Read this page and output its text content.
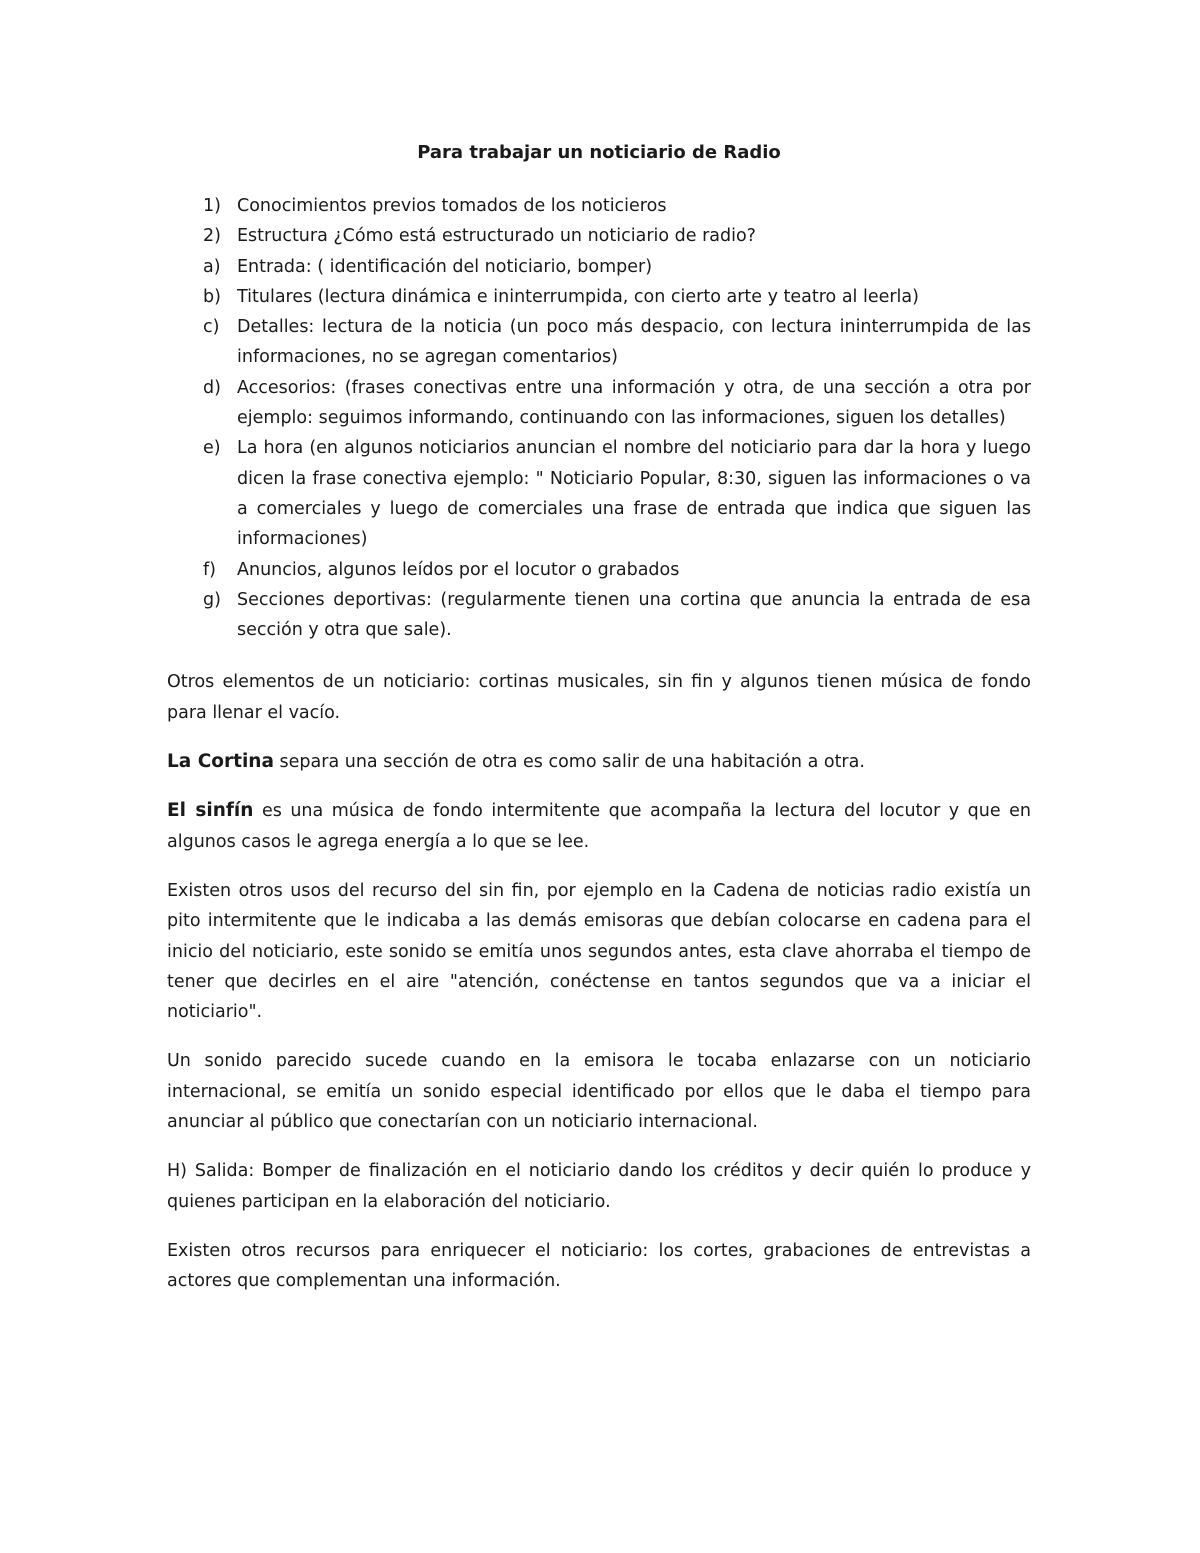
Para trabajar un noticiario de Radio
1) Conocimientos previos tomados de los noticieros
2) Estructura ¿Cómo está estructurado un noticiario de radio?
a) Entrada: ( identificación del noticiario, bomper)
b) Titulares (lectura dinámica e ininterrumpida, con cierto arte y teatro al leerla)
c)	Detalles: lectura de la noticia (un poco más despacio, con lectura ininterrumpida de las informaciones, no se agregan comentarios)
d) Accesorios: (frases conectivas entre una información y otra, de una sección a otra por ejemplo: seguimos informando, continuando con las informaciones, siguen los detalles)
e) La hora (en algunos noticiarios anuncian el nombre del noticiario para dar la hora y luego dicen la frase conectiva ejemplo: " Noticiario Popular, 8:30, siguen las informaciones o va a comerciales y luego de comerciales una frase de entrada que indica que siguen las informaciones)
f)	Anuncios, algunos leídos por el locutor o grabados
g) Secciones deportivas: (regularmente tienen una cortina que anuncia la entrada de esa sección y otra que sale).

Otros elementos de un noticiario: cortinas musicales, sin fin y algunos tienen música de fondo para llenar el vacío.

La Cortina separa una sección de otra es como salir de una habitación a otra.

El sinfín es una música de fondo intermitente que acompaña la lectura del locutor y que en algunos casos le agrega energía a lo que se lee.

Existen otros usos del recurso del sin fin, por ejemplo en la Cadena de noticias radio existía un pito intermitente que le indicaba a las demás emisoras que debían colocarse en cadena para el inicio del noticiario, este sonido se emitía unos segundos antes, esta clave ahorraba el tiempo de tener que decirles en el aire "atención, conéctense en tantos segundos que va a iniciar el noticiario".

Un sonido parecido sucede cuando en la emisora le tocaba enlazarse con un noticiario internacional, se emitía un sonido especial identificado por ellos que le daba el tiempo para anunciar al público que conectarían con un noticiario internacional.

H) Salida: Bomper de finalización en el noticiario dando los créditos y decir quién lo produce y quienes participan en la elaboración del noticiario.

Existen otros recursos para enriquecer el noticiario: los cortes, grabaciones de entrevistas a actores que complementan una información.
